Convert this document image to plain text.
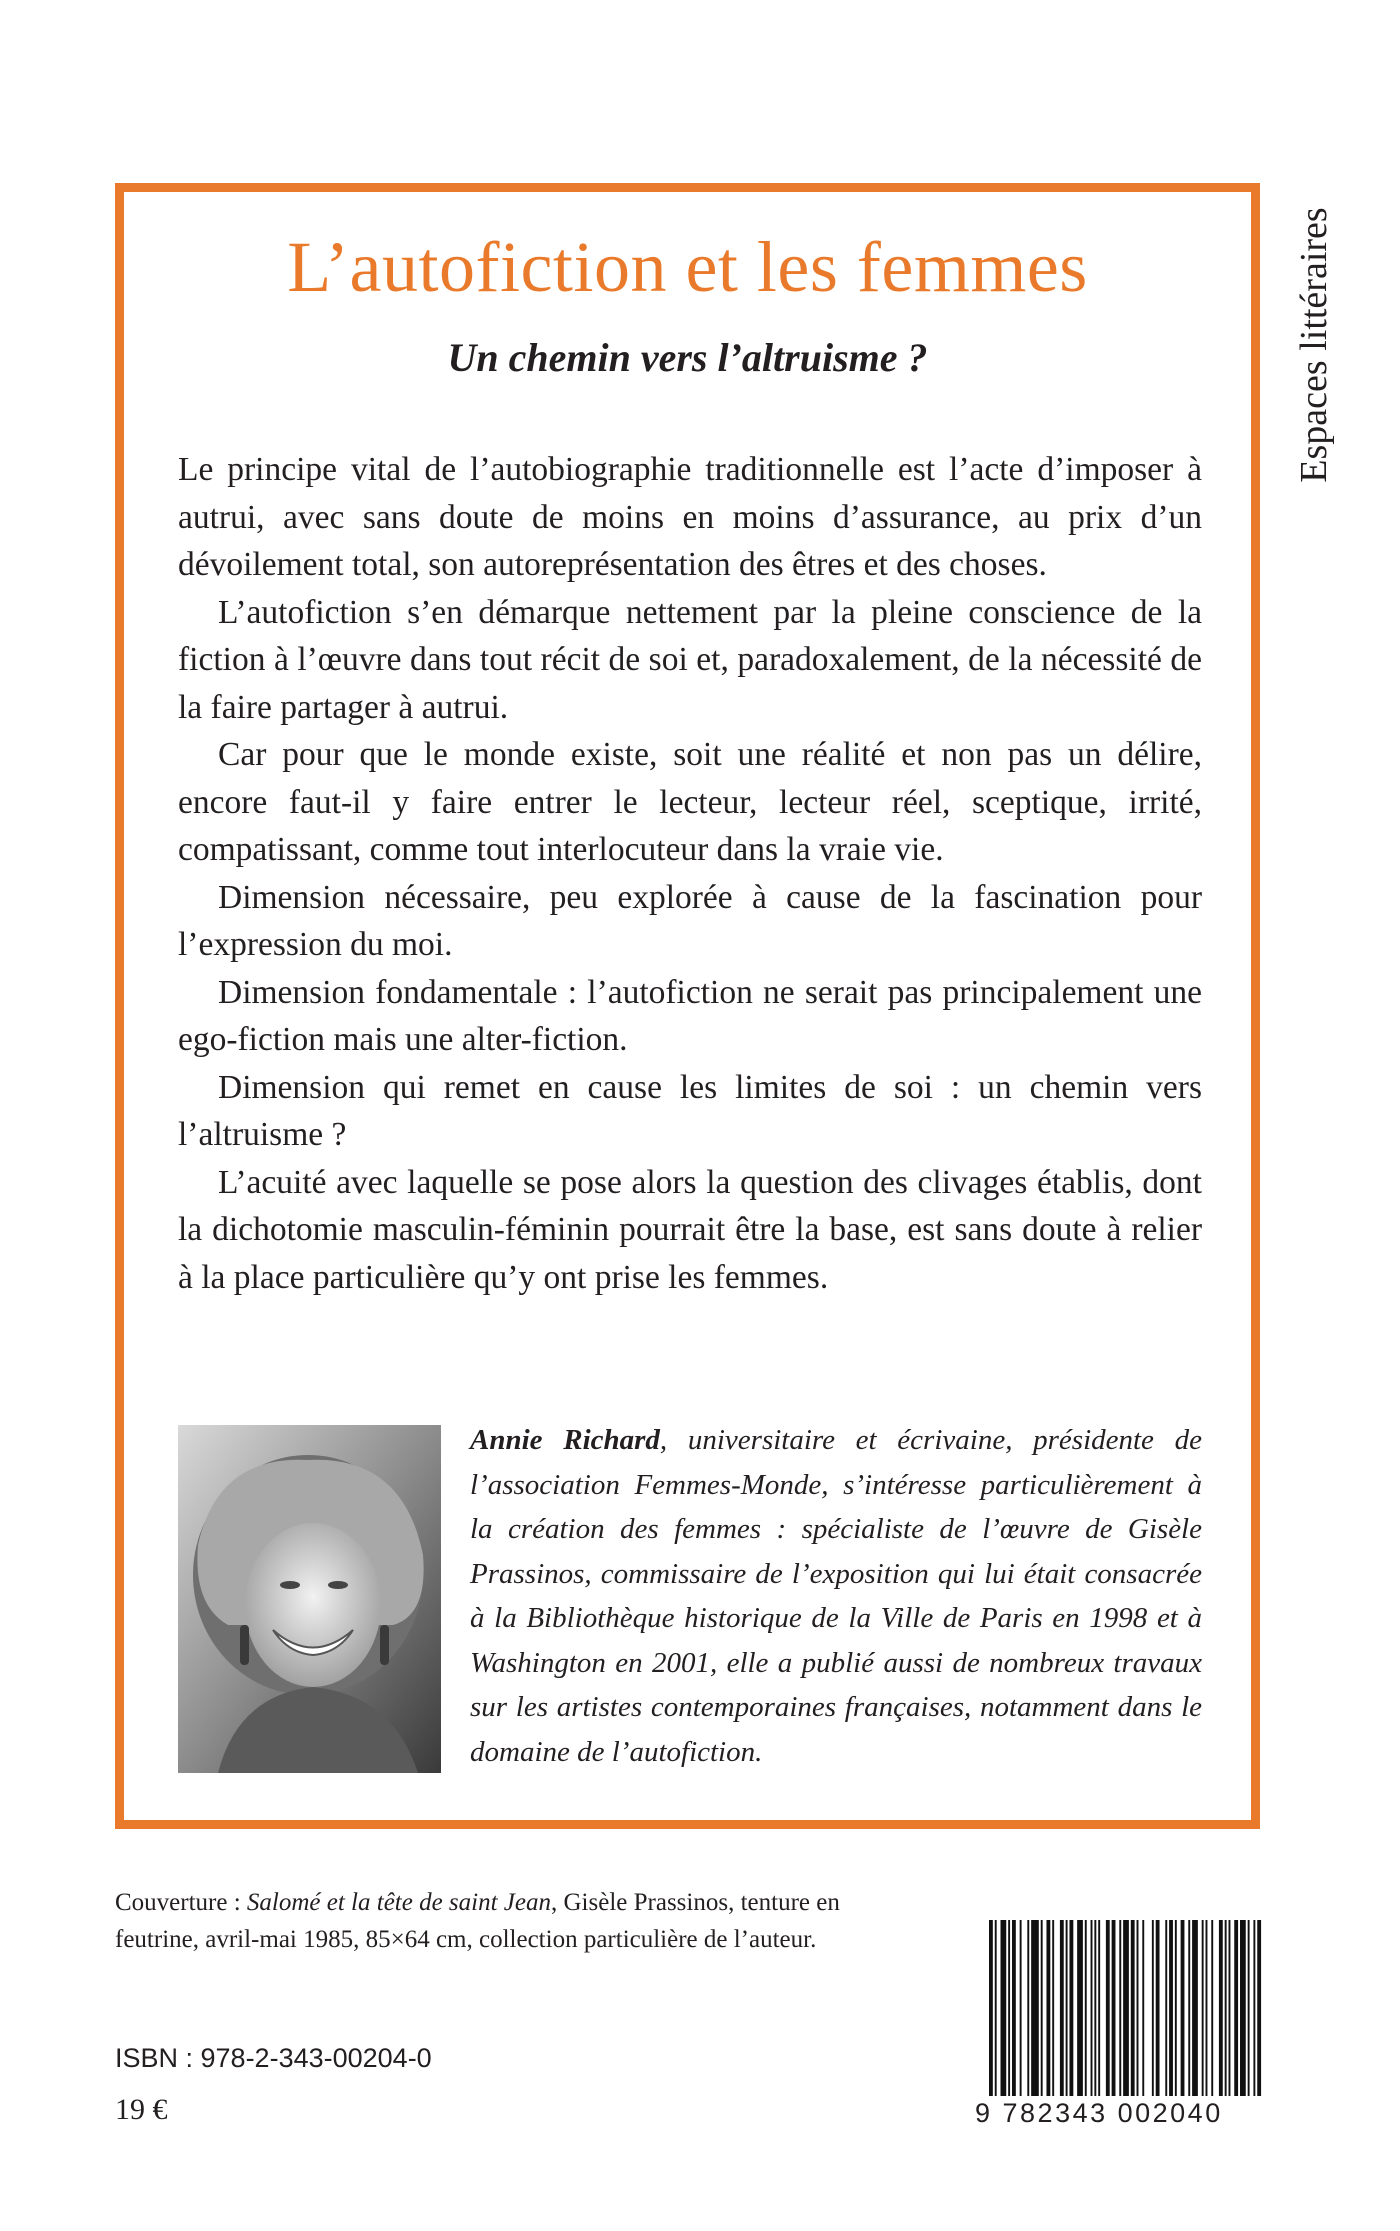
L’autofiction et les femmes
Un chemin vers l’altruisme ?	Espaces littéraires

Le principe vital de l’autobiographie traditionnelle est l’acte d’imposer à autrui, avec sans doute de moins en moins d’assurance, au prix d’un dévoilement total, son autoreprésentation des êtres et des choses.

L’autofiction s’en démarque nettement par la pleine conscience de la fiction à l’œuvre dans tout récit de soi et, paradoxalement, de la nécessité de la faire partager à autrui.

Car pour que le monde existe, soit une réalité et non pas un délire, encore faut-il y faire entrer le lecteur, lecteur réel, sceptique, irrité, compatissant, comme tout interlocuteur dans la vraie vie.

Dimension nécessaire, peu explorée à cause de la fascination pour l’expression du moi.

Dimension fondamentale : l’autofiction ne serait pas principalement une ego-fiction mais une alter-fiction.

Dimension qui remet en cause les limites de soi : un chemin vers l’altruisme ?

L’acuité avec laquelle se pose alors la question des clivages établis, dont la dichotomie masculin-féminin pourrait être la base, est sans doute à relier à la place particulière qu’y ont prise les femmes.

Annie Richard, universitaire et écrivaine, présidente de l’association Femmes-Monde, s’intéresse particulièrement à la création des femmes : spécialiste de l’œuvre de Gisèle Prassinos, commissaire de l’exposition qui lui était consacrée à la Bibliothèque historique de la Ville de Paris en 1998 et à Washington en 2001, elle a publié aussi de nombreux travaux sur les artistes contemporaines françaises, notamment dans le domaine de l’autofiction.
Couverture : Salomé et la tête de saint Jean, Gisèle Prassinos, tenture en feutrine, avril-mai 1985, 85×64 cm, collection particulière de l’auteur.
ISBN : 978-2-343-00204-0
19 €	9 782343 002040
